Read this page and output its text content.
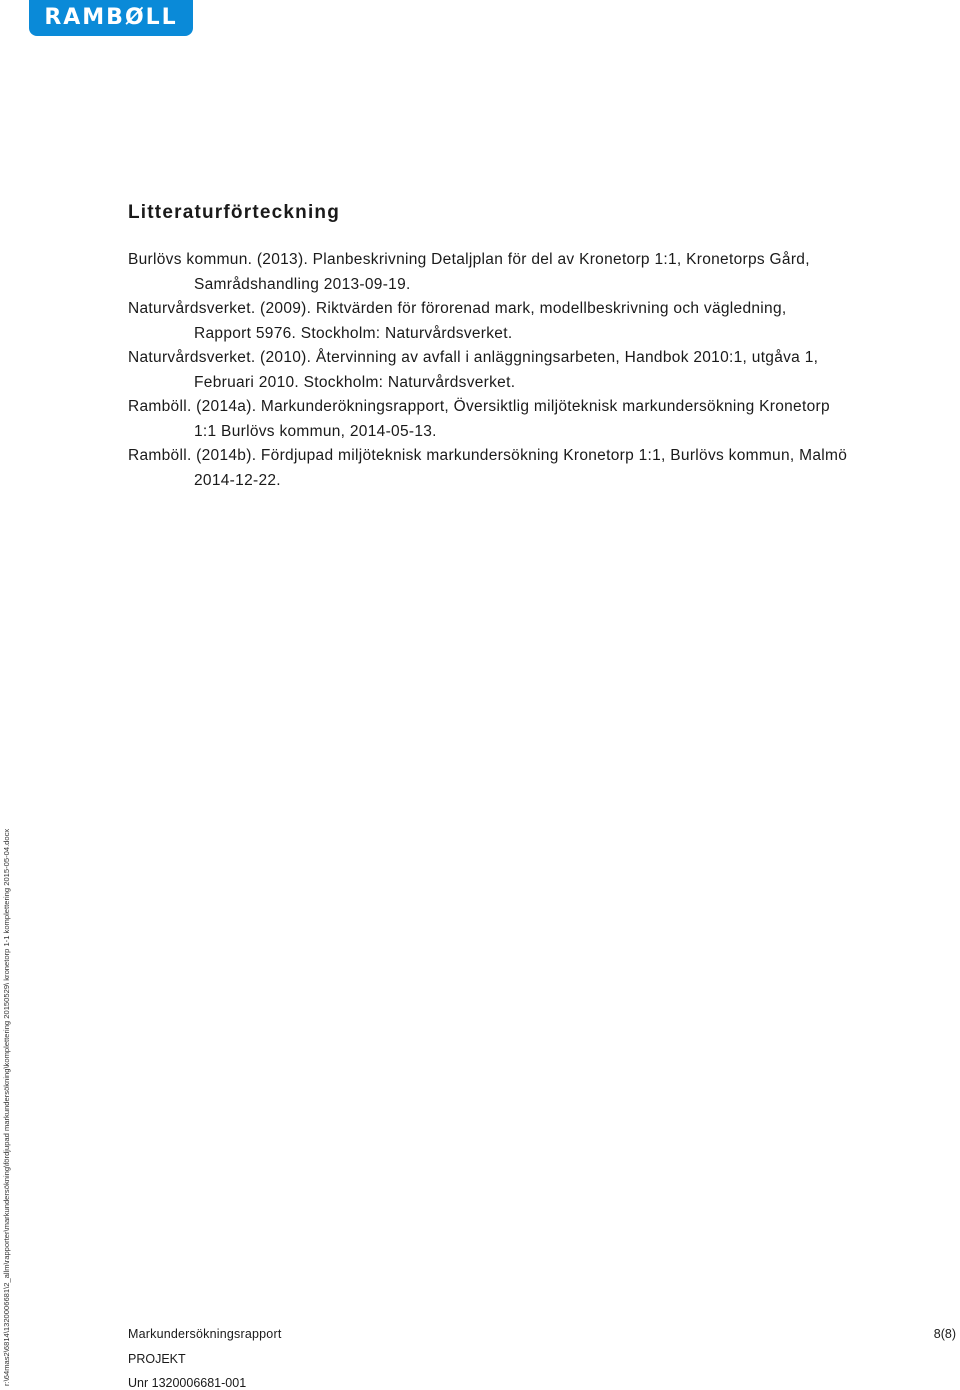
RAMBØLL
Litteraturförteckning
Burlövs kommun. (2013). Planbeskrivning Detaljplan för del av Kronetorp 1:1, Kronetorps Gård, Samrådshandling 2013-09-19.
Naturvårdsverket. (2009). Riktvärden för förorenad mark, modellbeskrivning och vägledning, Rapport 5976. Stockholm: Naturvårdsverket.
Naturvårdsverket. (2010). Återvinning av avfall i anläggningsarbeten, Handbok 2010:1, utgåva 1, Februari 2010. Stockholm: Naturvårdsverket.
Ramböll. (2014a). Markunderökningsrapport, Översiktlig miljöteknisk markundersökning Kronetorp 1:1 Burlövs kommun, 2014-05-13.
Ramböll. (2014b). Fördjupad miljöteknisk markundersökning Kronetorp 1:1, Burlövs kommun, Malmö 2014-12-22.
r:\64mas2\6814\1320006681\2_allm\rapporter\markundersökning\fördjupad markundersökning\komplettering 20150529\ kronetorp 1-1 komplettering 2015-05-04.docx	Markundersökningsrapport
PROJEKT
Unr 1320006681-001
8(8)
